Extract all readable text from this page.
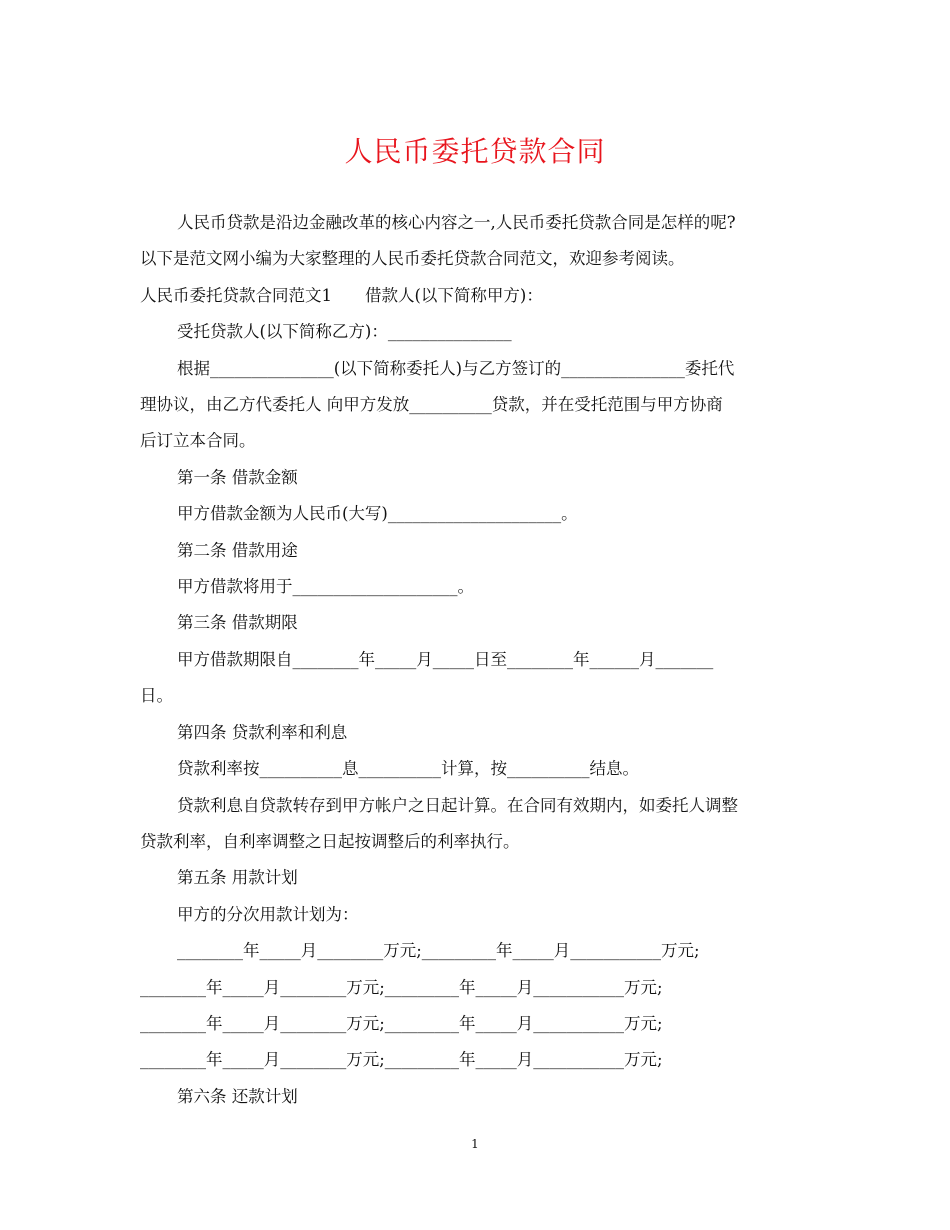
人民币委托贷款合同

人民币贷款是沿边金融改革的核心内容之一,人民币委托贷款合同是怎样的呢?

以下是范文网小编为大家整理的人民币委托贷款合同范文，欢迎参考阅读。

人民币委托贷款合同范文1　　借款人(以下简称甲方)：

受托贷款人(以下简称乙方)：_______________

根据_______________(以下简称委托人)与乙方签订的_______________委托代

理协议，由乙方代委托人 向甲方发放__________贷款，并在受托范围与甲方协商

后订立本合同。

第一条 借款金额

甲方借款金额为人民币(大写)_____________________。

第二条 借款用途

甲方借款将用于____________________。

第三条 借款期限

甲方借款期限自________年_____月_____日至________年______月_______

日。

第四条 贷款利率和利息

贷款利率按__________息__________计算，按__________结息。

贷款利息自贷款转存到甲方帐户之日起计算。在合同有效期内，如委托人调整

贷款利率，自利率调整之日起按调整后的利率执行。

第五条 用款计划

甲方的分次用款计划为：

________年_____月________万元;_________年_____月___________万元;

________年_____月________万元;_________年_____月___________万元;

________年_____月________万元;_________年_____月___________万元;

________年_____月________万元;_________年_____月___________万元;

第六条 还款计划

1
